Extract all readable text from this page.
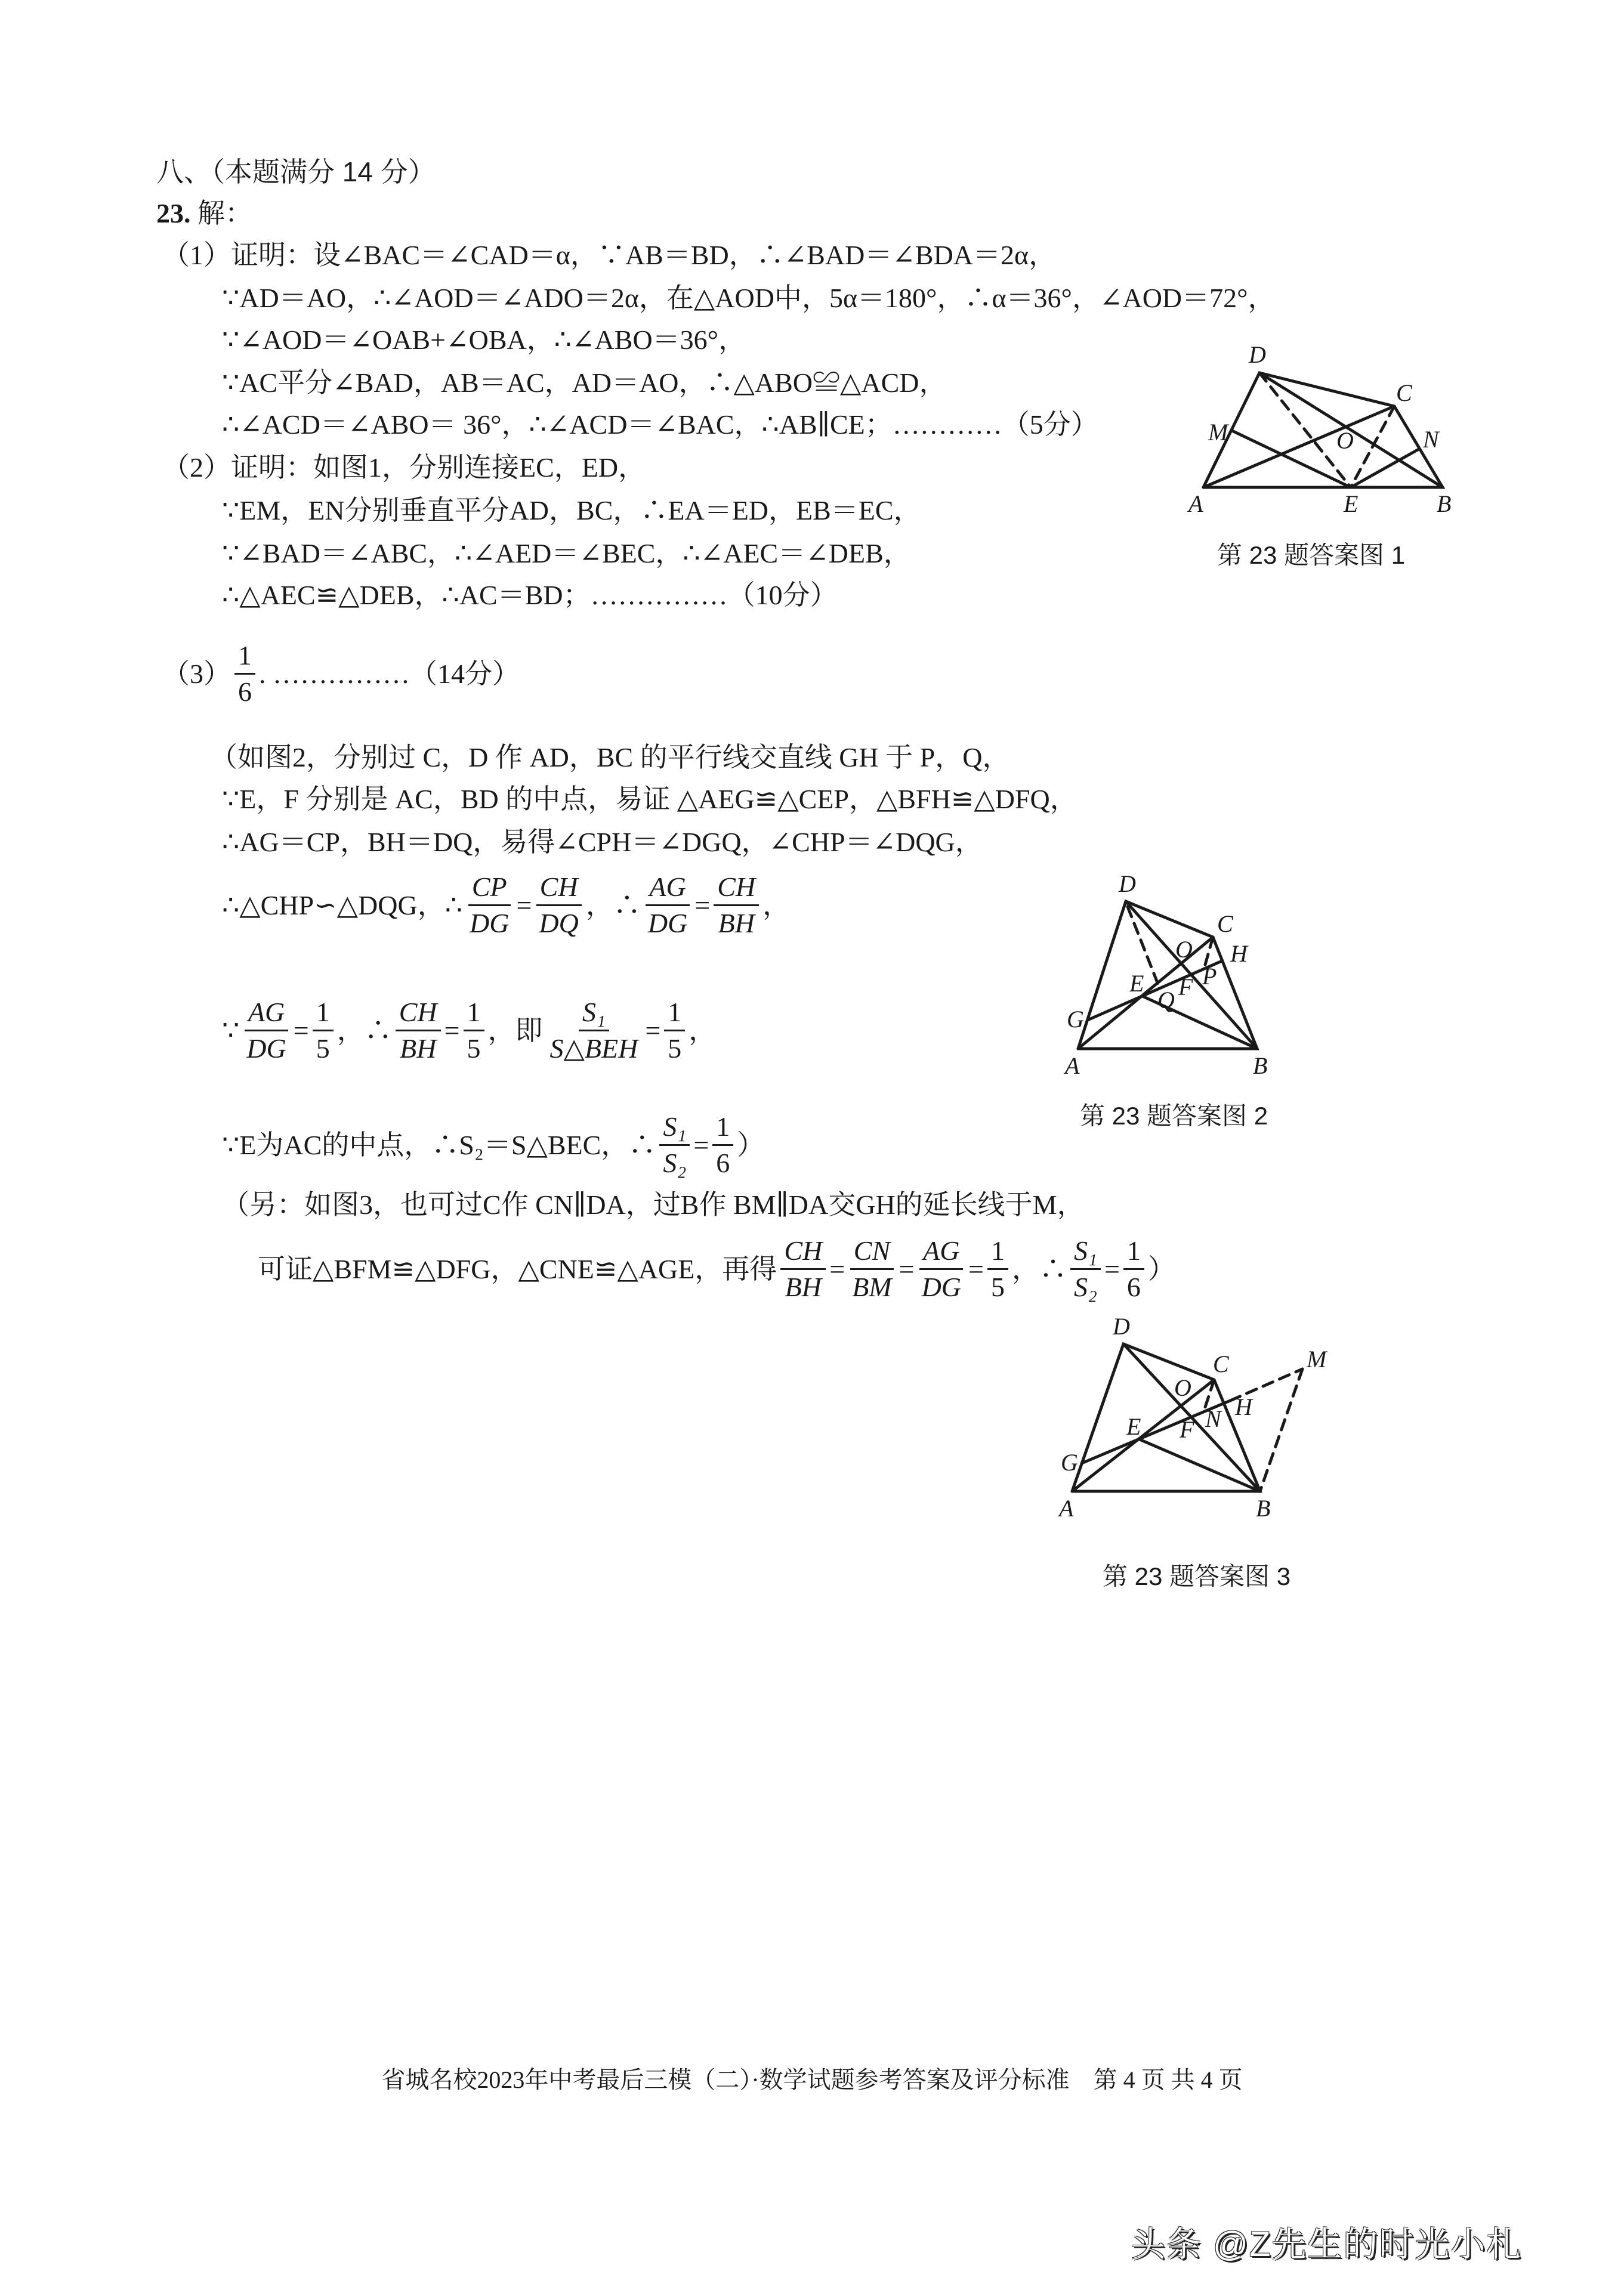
八、（本题满分 14 分）
23. 解：
（1）证明：设∠BAC＝∠CAD＝α，∵AB＝BD，∴∠BAD＝∠BDA＝2α，
∵AD＝AO，∴∠AOD＝∠ADO＝2α，在△AOD中，5α＝180°，∴α＝36°，∠AOD＝72°，
∵∠AOD＝∠OAB+∠OBA，∴∠ABO＝36°，
∵AC平分∠BAD，AB＝AC，AD＝AO，∴△ABO≌△ACD，
∴∠ACD＝∠ABO＝ 36°，∴∠ACD＝∠BAC，∴AB∥CE；…………（5分）
（2）证明：如图1，分别连接EC，ED，
∵EM，EN分别垂直平分AD，BC，∴EA＝ED，EB＝EC，
∵∠BAD＝∠ABC，∴∠AED＝∠BEC，∴∠AEC＝∠DEB，
∴△AEC≌△DEB，∴AC＝BD；……………（10分）
$(3) \frac{1}{6}$ . ……………（14分）
（如图2，分别过 C，D 作 AD，BC 的平行线交直线 GH 于 P，Q，
∵E，F 分别是 AC，BD 的中点，易证 △AEG≌△CEP，△BFH≌△DFQ，
∴AG＝CP，BH＝DQ，易得∠CPH＝∠DGQ，∠CHP＝∠DQG，
∴△CHP∽△DQG，∴ $\frac{CP}{DG} = \frac{CH}{DQ}$ ，∴ $\frac{AG}{DG} = \frac{CH}{BH}$ ，
∵ $\frac{AG}{DG} = \frac{1}{5}$ ，∴ $\frac{CH}{BH} = \frac{1}{5}$ ，即 $\frac{\text{S₁}}{\text{S△BEH}} = \frac{1}{5}$ ，
∵E为AC的中点，∴S₂＝S△BEC，∴ $\frac{\text{S₁}}{\text{S₂}} = \frac{1}{6}$ ）
（另：如图3，也可过C作 CN∥DA，过B作 BM∥DA交GH的延长线于M，
可证△BFM≌△DFG，△CNE≌△AGE，再得 $\frac{CH}{BH} = \frac{CN}{BM} = \frac{AG}{DG} = \frac{1}{5}$ ，∴ $\frac{\text{S₁}}{\text{S₂}} = \frac{1}{6}$ ）
D
C
M	N
O
A	E	B
D
C
O H
P
E F
Q
G
A	B
D
C	M
O
H
N
E F
G
A	B
第 23 题答案图 1
第 23 题答案图 2
第 23 题答案图 3
省城名校2023年中考最后三模（二）·数学试题参考答案及评分标准　第 4 页 共 4 页
头条 @Z先生的时光小札
